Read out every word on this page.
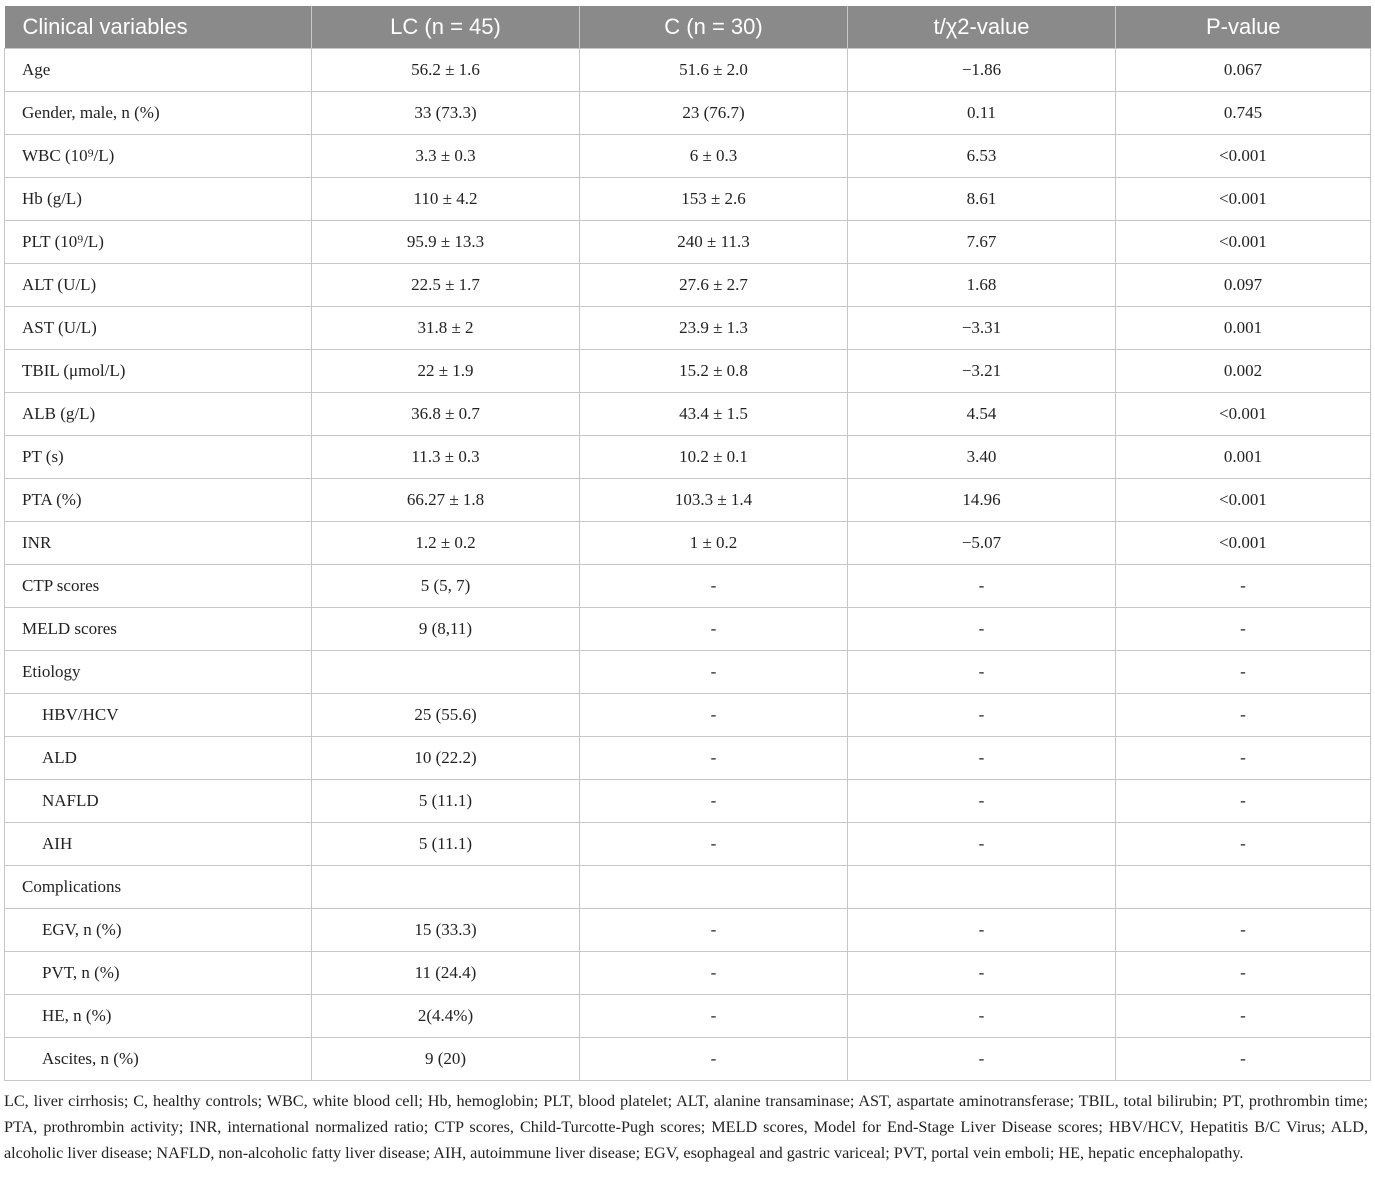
Clinical variables	LC (n = 45)	C (n = 30)	t/χ2-value	P-value
Age	56.2 ± 1.6	51.6 ± 2.0	−1.86	0.067
Gender, male, n (%)	33 (73.3)	23 (76.7)	0.11	0.745
WBC (10⁹/L)	3.3 ± 0.3	6 ± 0.3	6.53	<0.001
Hb (g/L)	110 ± 4.2	153 ± 2.6	8.61	<0.001
PLT (10⁹/L)	95.9 ± 13.3	240 ± 11.3	7.67	<0.001
ALT (U/L)	22.5 ± 1.7	27.6 ± 2.7	1.68	0.097
AST (U/L)	31.8 ± 2	23.9 ± 1.3	−3.31	0.001
TBIL (μmol/L)	22 ± 1.9	15.2 ± 0.8	−3.21	0.002
ALB (g/L)	36.8 ± 0.7	43.4 ± 1.5	4.54	<0.001
PT (s)	11.3 ± 0.3	10.2 ± 0.1	3.40	0.001
PTA (%)	66.27 ± 1.8	103.3 ± 1.4	14.96	<0.001
INR	1.2 ± 0.2	1 ± 0.2	−5.07	<0.001
CTP scores	5 (5, 7)	-	-	-
MELD scores	9 (8,11)	-	-	-
Etiology		-	-	-
HBV/HCV	25 (55.6)	-	-	-
ALD	10 (22.2)	-	-	-
NAFLD	5 (11.1)	-	-	-
AIH	5 (11.1)	-	-	-
Complications				
EGV, n (%)	15 (33.3)	-	-	-
PVT, n (%)	11 (24.4)	-	-	-
HE, n (%)	2(4.4%)	-	-	-
Ascites, n (%)	9 (20)	-	-	-
LC, liver cirrhosis; C, healthy controls; WBC, white blood cell; Hb, hemoglobin; PLT, blood platelet; ALT, alanine transaminase; AST, aspartate aminotransferase; TBIL, total bilirubin; PT, prothrombin time; PTA, prothrombin activity; INR, international normalized ratio; CTP scores, Child-Turcotte-Pugh scores; MELD scores, Model for End-Stage Liver Disease scores; HBV/HCV, Hepatitis B/C Virus; ALD, alcoholic liver disease; NAFLD, non-alcoholic fatty liver disease; AIH, autoimmune liver disease; EGV, esophageal and gastric variceal; PVT, portal vein emboli; HE, hepatic encephalopathy.
